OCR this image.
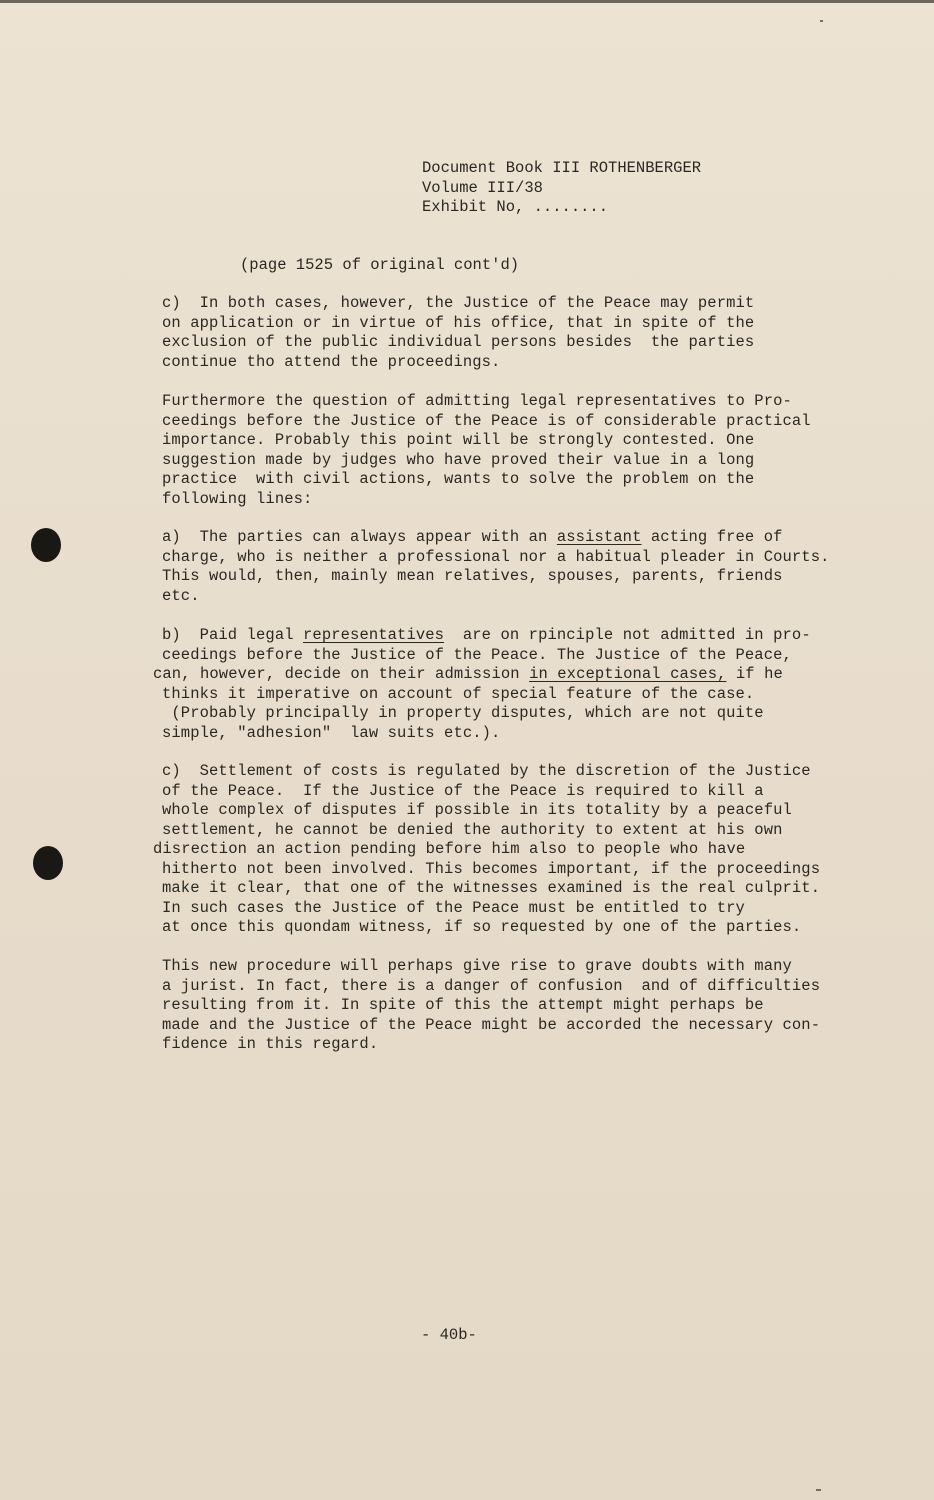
Document Book III ROTHENBERGER
Volume III/38
Exhibit No, ........
(page 1525 of original cont'd)
c)  In both cases, however, the Justice of the Peace may permit
on application or in virtue of his office, that in spite of the
exclusion of the public individual persons besides  the parties
continue tho attend the proceedings.
Furthermore the question of admitting legal representatives to Pro-
ceedings before the Justice of the Peace is of considerable practical
importance. Probably this point will be strongly contested. One
suggestion made by judges who have proved their value in a long
practice  with civil actions, wants to solve the problem on the
following lines:
a)  The parties can always appear with an assistant acting free of
charge, who is neither a professional nor a habitual pleader in Courts.
This would, then, mainly mean relatives, spouses, parents, friends
etc.
b)  Paid legal representatives  are on rpinciple not admitted in pro-
ceedings before the Justice of the Peace. The Justice of the Peace,
can, however, decide on their admission in exceptional cases, if he
thinks it imperative on account of special feature of the case.
(Probably principally in property disputes, which are not quite
simple, "adhesion"  law suits etc.).
c)  Settlement of costs is regulated by the discretion of the Justice
of the Peace.  If the Justice of the Peace is required to kill a
whole complex of disputes if possible in its totality by a peaceful
settlement, he cannot be denied the authority to extent at his own
disrection an action pending before him also to people who have
hitherto not been involved. This becomes important, if the proceedings
make it clear, that one of the witnesses examined is the real culprit.
In such cases the Justice of the Peace must be entitled to try
at once this quondam witness, if so requested by one of the parties.
This new procedure will perhaps give rise to grave doubts with many
a jurist. In fact, there is a danger of confusion  and of difficulties
resulting from it. In spite of this the attempt might perhaps be
made and the Justice of the Peace might be accorded the necessary con-
fidence in this regard.
- 40b-
